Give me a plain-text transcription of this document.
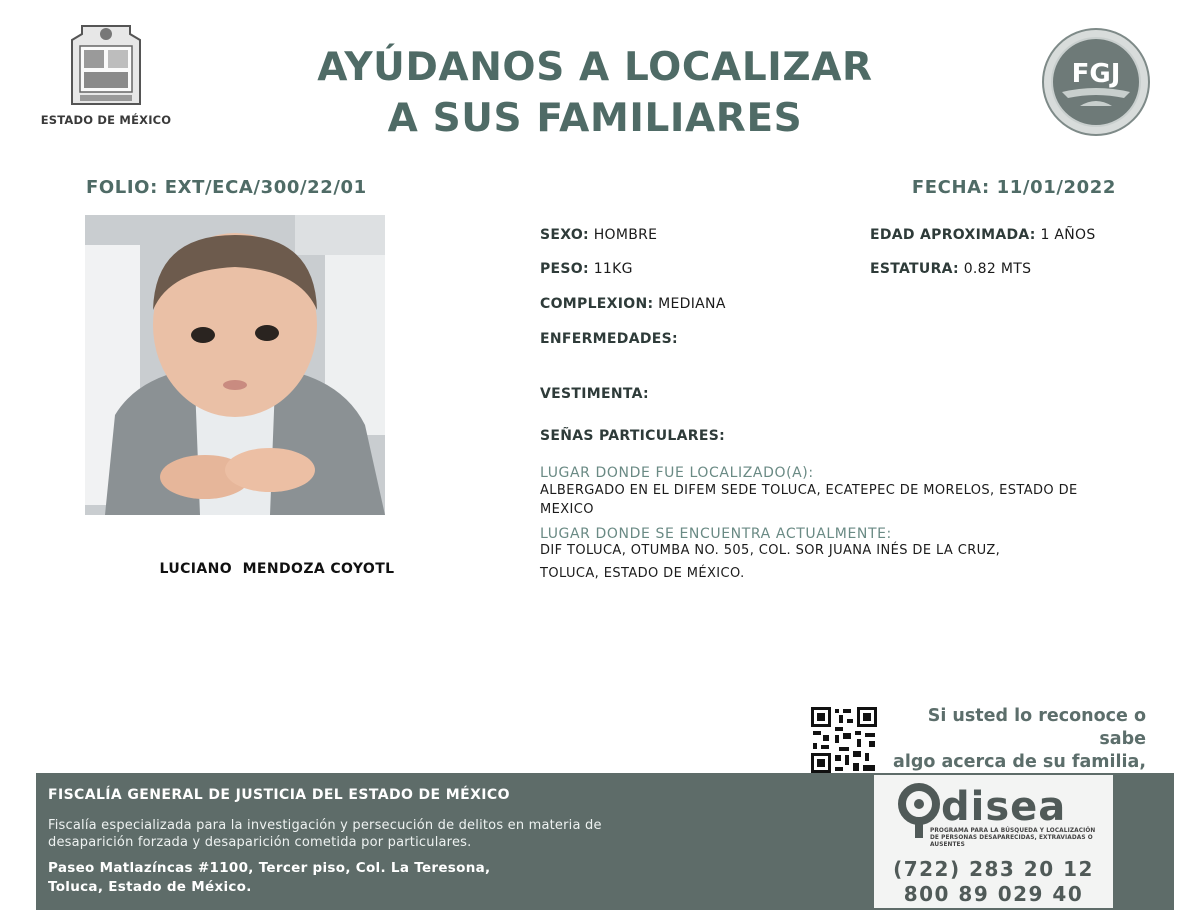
ESTADO DE MÉXICO
AYÚDANOS A LOCALIZAR
A SUS FAMILIARES
FGJ
FOLIO: EXT/ECA/300/22/01	FECHA: 11/01/2022
LUCIANO  MENDOZA COYOTL
SEXO: HOMBRE	EDAD APROXIMADA: 1 AÑOS
PESO: 11KG	ESTATURA: 0.82 MTS
COMPLEXION: MEDIANA
ENFERMEDADES:
VESTIMENTA:
SEÑAS PARTICULARES:
LUGAR DONDE FUE LOCALIZADO(A):
ALBERGADO EN EL DIFEM SEDE TOLUCA, ECATEPEC DE MORELOS, ESTADO DE MEXICO
LUGAR DONDE SE ENCUENTRA ACTUALMENTE:
DIF TOLUCA, OTUMBA NO. 505, COL. SOR JUANA INÉS DE LA CRUZ,
TOLUCA, ESTADO DE MÉXICO.
Si usted lo reconoce o sabe
algo acerca de su familia,
FISCALÍA GENERAL DE JUSTICIA DEL ESTADO DE MÉXICO
Fiscalía especializada para la investigación y persecución de delitos en materia de desaparición forzada y desaparición cometida por particulares.
Paseo Matlazíncas #1100, Tercer piso, Col. La Teresona,
Toluca, Estado de México.
disea
PROGRAMA PARA LA BÚSQUEDA Y LOCALIZACIÓN DE PERSONAS DESAPARECIDAS, EXTRAVIADAS O AUSENTES
(722) 283 20 12
800 89 029 40
